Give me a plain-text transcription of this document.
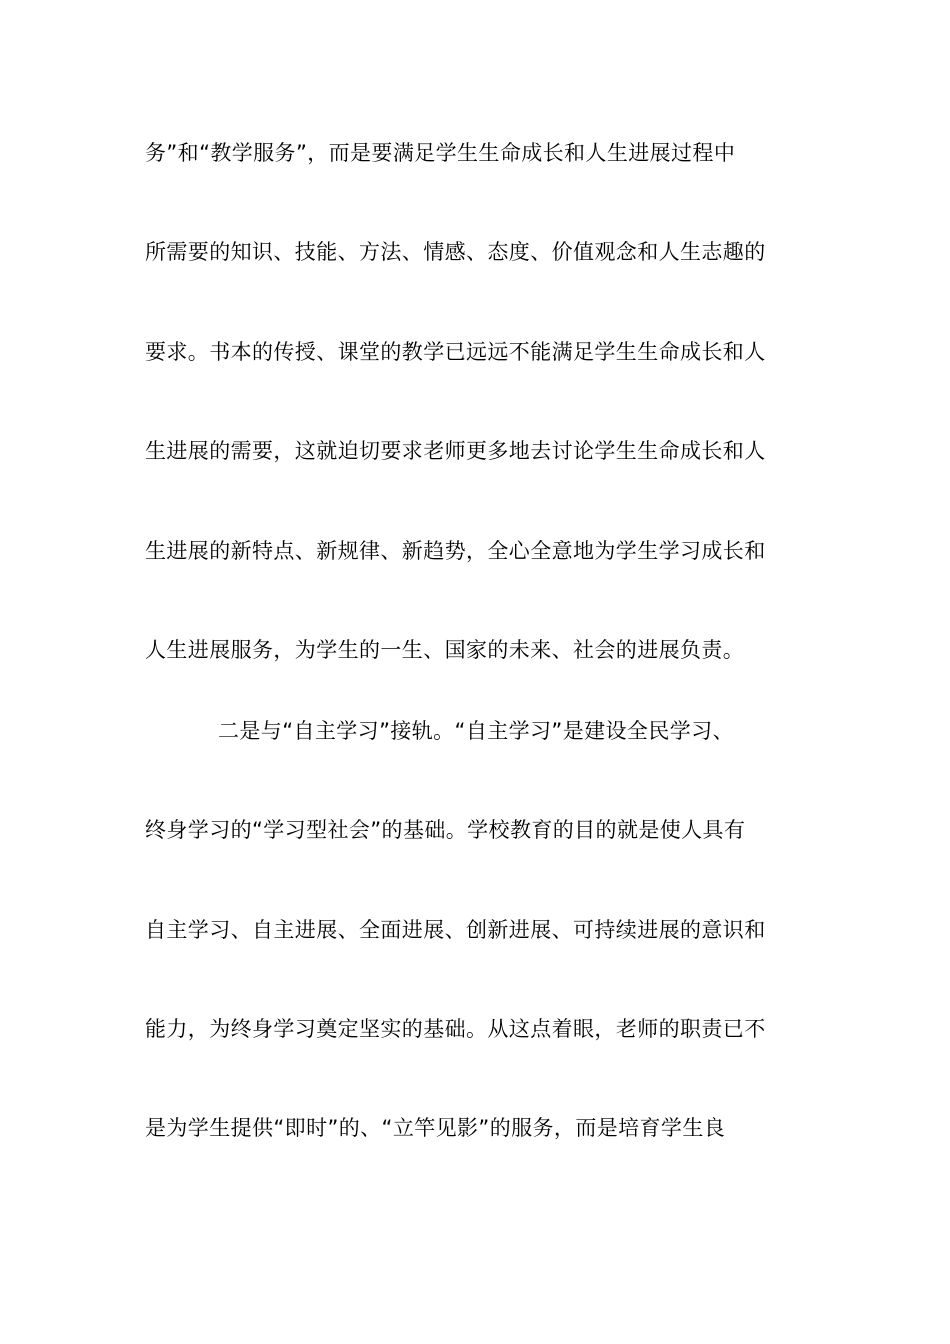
务”和“教学服务”，而是要满足学生生命成长和人生进展过程中
所需要的知识、技能、方法、情感、态度、价值观念和人生志趣的
要求。书本的传授、课堂的教学已远远不能满足学生生命成长和人
生进展的需要，这就迫切要求老师更多地去讨论学生生命成长和人
生进展的新特点、新规律、新趋势，全心全意地为学生学习成长和
人生进展服务，为学生的一生、国家的未来、社会的进展负责。
二是与“自主学习”接轨。“自主学习”是建设全民学习、
终身学习的“学习型社会”的基础。学校教育的目的就是使人具有
自主学习、自主进展、全面进展、创新进展、可持续进展的意识和
能力，为终身学习奠定坚实的基础。从这点着眼，老师的职责已不
是为学生提供“即时”的、“立竿见影”的服务，而是培育学生良
